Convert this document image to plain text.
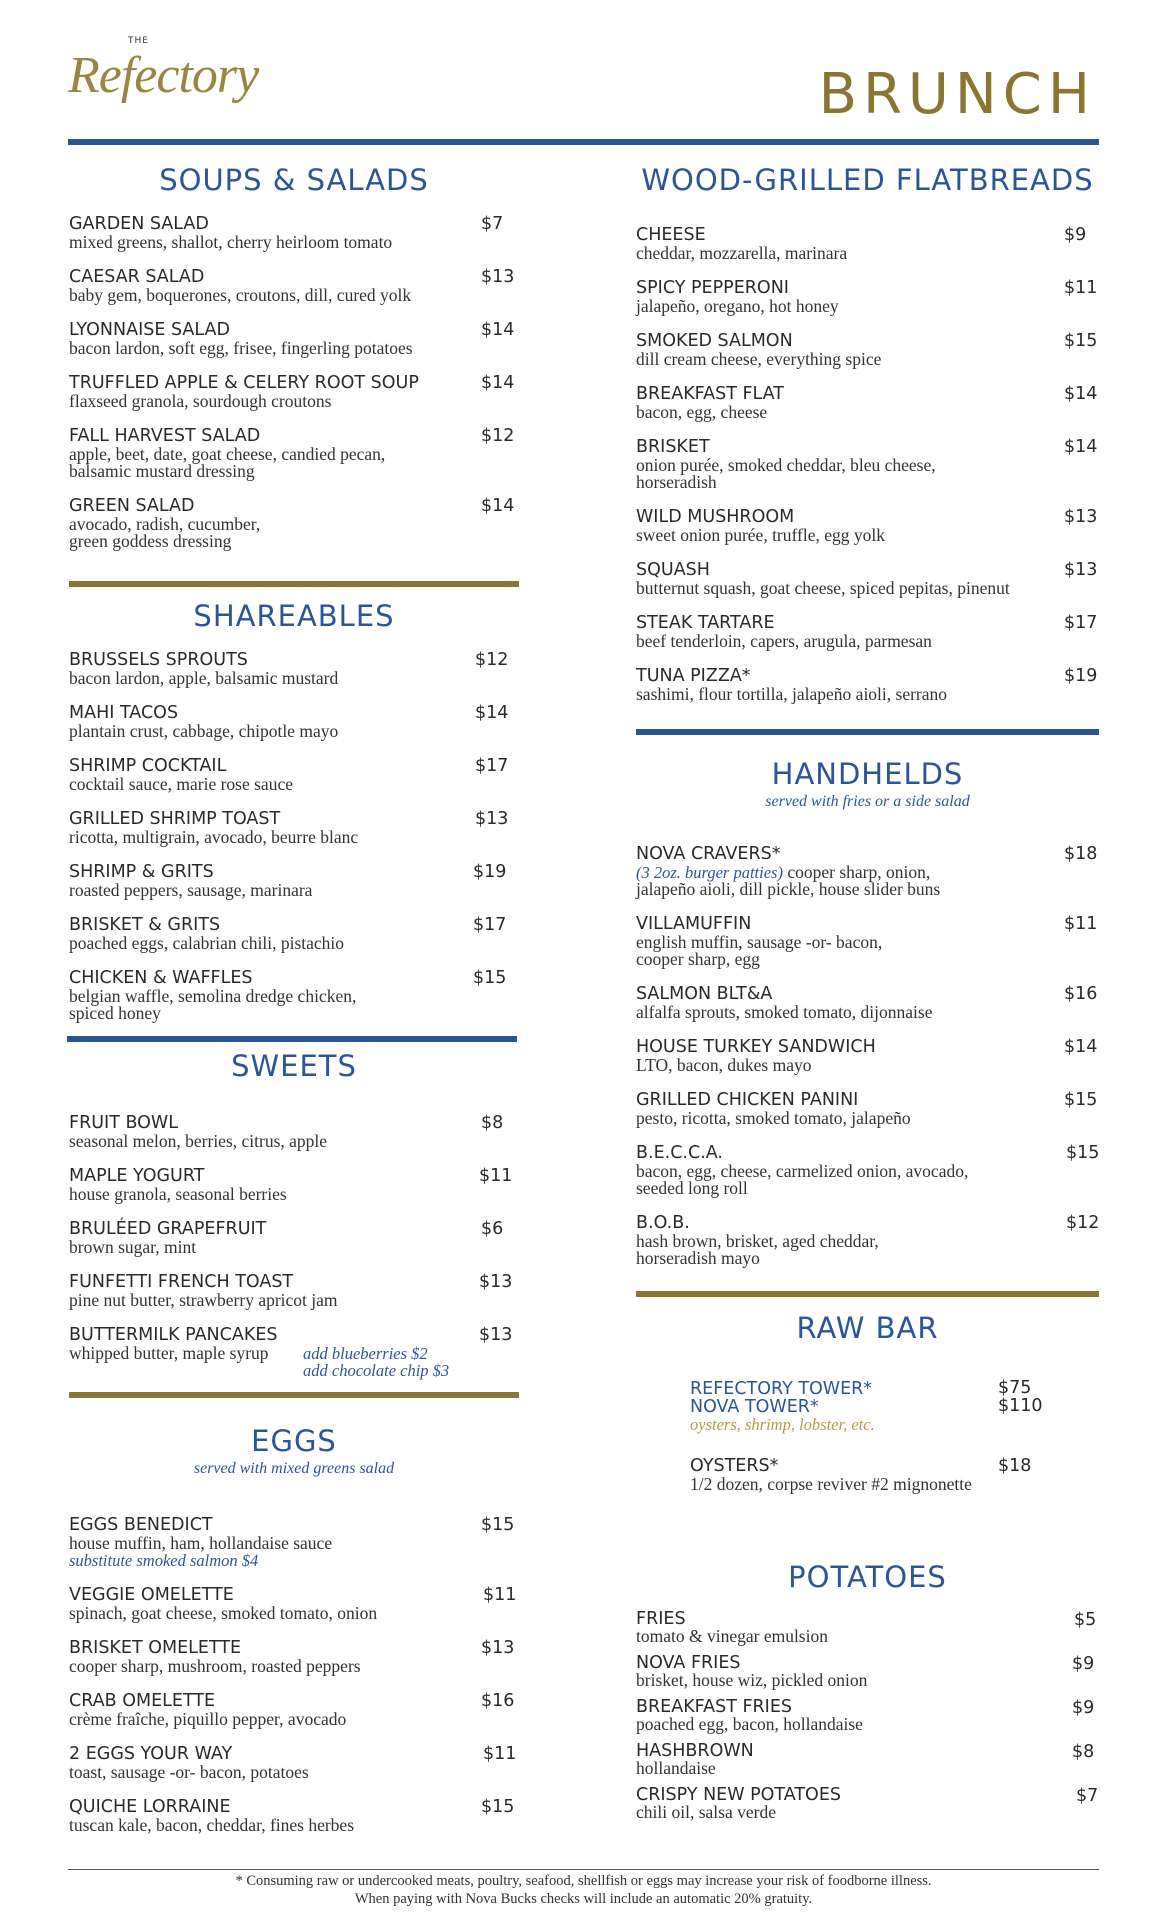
THE
Refectory	BRUNCH
SOUPS & SALADS
GARDEN SALAD
mixed greens, shallot, cherry heirloom tomato
$7
CAESAR SALAD
baby gem, boquerones, croutons, dill, cured yolk
$13
LYONNAISE SALAD
bacon lardon, soft egg, frisee, fingerling potatoes
$14
TRUFFLED APPLE & CELERY ROOT SOUP
flaxseed granola, sourdough croutons
$14
FALL HARVEST SALAD
apple, beet, date, goat cheese, candied pecan,
balsamic mustard dressing
$12
GREEN SALAD
avocado, radish, cucumber,
green goddess dressing
$14
SHAREABLES
BRUSSELS SPROUTS
bacon lardon, apple, balsamic mustard
$12
MAHI TACOS
plantain crust, cabbage, chipotle mayo
$14
SHRIMP COCKTAIL
cocktail sauce, marie rose sauce
$17
GRILLED SHRIMP TOAST
ricotta, multigrain, avocado, beurre blanc
$13
SHRIMP & GRITS
roasted peppers, sausage, marinara
$19
BRISKET & GRITS
poached eggs, calabrian chili, pistachio
$17
CHICKEN & WAFFLES
belgian waffle, semolina dredge chicken,
spiced honey
$15
SWEETS
FRUIT BOWL
seasonal melon, berries, citrus, apple
$8
MAPLE YOGURT
house granola, seasonal berries
$11
BRULÉED GRAPEFRUIT
brown sugar, mint
$6
FUNFETTI FRENCH TOAST
pine nut butter, strawberry apricot jam
$13
BUTTERMILK PANCAKES
whipped butter, maple syrup
$13
add blueberries $2
add chocolate chip $3
EGGS
served with mixed greens salad
EGGS BENEDICT
house muffin, ham, hollandaise sauce
substitute smoked salmon $4
$15
VEGGIE OMELETTE
spinach, goat cheese, smoked tomato, onion
$11
BRISKET OMELETTE
cooper sharp, mushroom, roasted peppers
$13
CRAB OMELETTE
crème fraîche, piquillo pepper, avocado
$16
2 EGGS YOUR WAY
toast, sausage -or- bacon, potatoes
$11
QUICHE LORRAINE
tuscan kale, bacon, cheddar, fines herbes
$15
WOOD-GRILLED FLATBREADS
CHEESE
cheddar, mozzarella, marinara
$9
SPICY PEPPERONI
jalapeño, oregano, hot honey
$11
SMOKED SALMON
dill cream cheese, everything spice
$15
BREAKFAST FLAT
bacon, egg, cheese
$14
BRISKET
onion purée, smoked cheddar, bleu cheese,
horseradish
$14
WILD MUSHROOM
sweet onion purée, truffle, egg yolk
$13
SQUASH
butternut squash, goat cheese, spiced pepitas, pinenut
$13
STEAK TARTARE
beef tenderloin, capers, arugula, parmesan
$17
TUNA PIZZA*
sashimi, flour tortilla, jalapeño aioli, serrano
$19
HANDHELDS
served with fries or a side salad
NOVA CRAVERS*
(3 2oz. burger patties) cooper sharp, onion,
jalapeño aioli, dill pickle, house slider buns
$18
VILLAMUFFIN
english muffin, sausage -or- bacon,
cooper sharp, egg
$11
SALMON BLT&A
alfalfa sprouts, smoked tomato, dijonnaise
$16
HOUSE TURKEY SANDWICH
LTO, bacon, dukes mayo
$14
GRILLED CHICKEN PANINI
pesto, ricotta, smoked tomato, jalapeño
$15
B.E.C.C.A.
bacon, egg, cheese, carmelized onion, avocado,
seeded long roll
$15
B.O.B.
hash brown, brisket, aged cheddar,
horseradish mayo
$12
RAW BAR
REFECTORY TOWER*	$75
NOVA TOWER*	$110
oysters, shrimp, lobster, etc.
OYSTERS*
1/2 dozen, corpse reviver #2 mignonette
$18
POTATOES
FRIES
tomato & vinegar emulsion
$5
NOVA FRIES
brisket, house wiz, pickled onion
$9
BREAKFAST FRIES
poached egg, bacon, hollandaise
$9
HASHBROWN
hollandaise
$8
CRISPY NEW POTATOES
chili oil, salsa verde
$7
* Consuming raw or undercooked meats, poultry, seafood, shellfish or eggs may increase your risk of foodborne illness.
When paying with Nova Bucks checks will include an automatic 20% gratuity.
